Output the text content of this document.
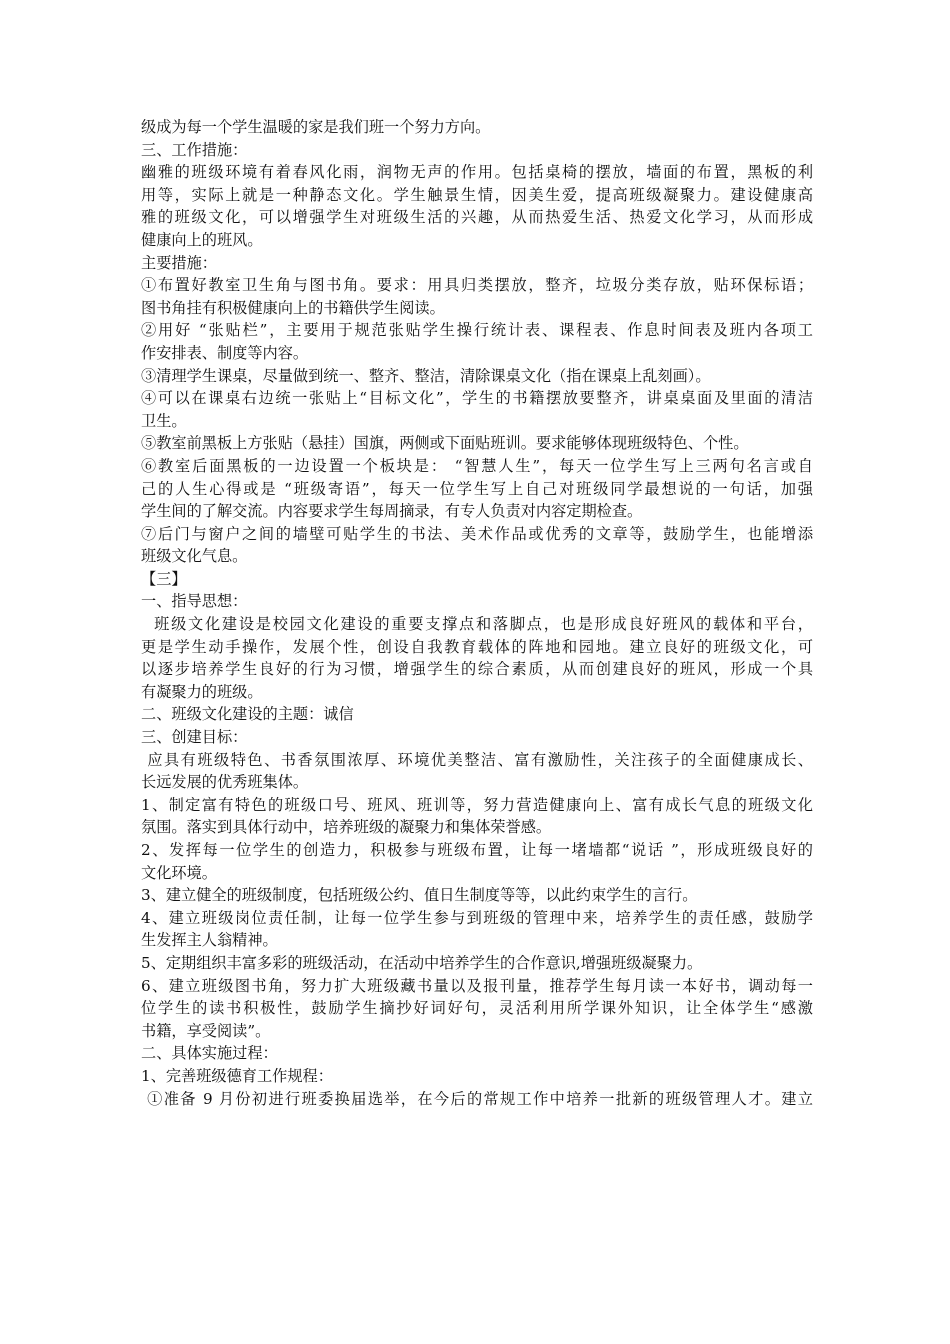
级成为每一个学生温暖的家是我们班一个努力方向。
三、工作措施：
幽雅的班级环境有着春风化雨，润物无声的作用。包括桌椅的摆放，墙面的布置，黑板的利
用等，实际上就是一种静态文化。学生触景生情，因美生爱，提高班级凝聚力。建设健康高
雅的班级文化，可以增强学生对班级生活的兴趣，从而热爱生活、热爱文化学习，从而形成
健康向上的班风。
主要措施：
①布置好教室卫生角与图书角。要求：用具归类摆放，整齐，垃圾分类存放，贴环保标语；
图书角挂有积极健康向上的书籍供学生阅读。
②用好 “张贴栏”，主要用于规范张贴学生操行统计表、课程表、作息时间表及班内各项工
作安排表、制度等内容。
③清理学生课桌，尽量做到统一、整齐、整洁，清除课桌文化（指在课桌上乱刻画）。
④可以在课桌右边统一张贴上“目标文化”，学生的书籍摆放要整齐，讲桌桌面及里面的清洁
卫生。
⑤教室前黑板上方张贴（悬挂）国旗，两侧或下面贴班训。要求能够体现班级特色、个性。
⑥教室后面黑板的一边设置一个板块是： “智慧人生”，每天一位学生写上三两句名言或自
己的人生心得或是 “班级寄语”，每天一位学生写上自己对班级同学最想说的一句话，加强
学生间的了解交流。内容要求学生每周摘录，有专人负责对内容定期检查。
⑦后门与窗户之间的墙壁可贴学生的书法、美术作品或优秀的文章等，鼓励学生，也能增添
班级文化气息。
【三】
一、指导思想：
班级文化建设是校园文化建设的重要支撑点和落脚点，也是形成良好班风的载体和平台，
更是学生动手操作，发展个性，创设自我教育载体的阵地和园地。建立良好的班级文化，可
以逐步培养学生良好的行为习惯，增强学生的综合素质，从而创建良好的班风，形成一个具
有凝聚力的班级。
二、班级文化建设的主题：诚信
三、创建目标：
应具有班级特色、书香氛围浓厚、环境优美整洁、富有激励性，关注孩子的全面健康成长、
长远发展的优秀班集体。
1、制定富有特色的班级口号、班风、班训等，努力营造健康向上、富有成长气息的班级文化
氛围。落实到具体行动中，培养班级的凝聚力和集体荣誉感。
2、发挥每一位学生的创造力，积极参与班级布置，让每一堵墙都“说话 ”，形成班级良好的
文化环境。
3、建立健全的班级制度，包括班级公约、值日生制度等等，以此约束学生的言行。
4、建立班级岗位责任制，让每一位学生参与到班级的管理中来，培养学生的责任感，鼓励学
生发挥主人翁精神。
5、定期组织丰富多彩的班级活动，在活动中培养学生的合作意识,增强班级凝聚力。
6、建立班级图书角，努力扩大班级藏书量以及报刊量，推荐学生每月读一本好书，调动每一
位学生的读书积极性，鼓励学生摘抄好词好句，灵活利用所学课外知识，让全体学生“感激
书籍，享受阅读”。
二、具体实施过程：
1、完善班级德育工作规程：
①准备 9 月份初进行班委换届选举，在今后的常规工作中培养一批新的班级管理人才。建立
